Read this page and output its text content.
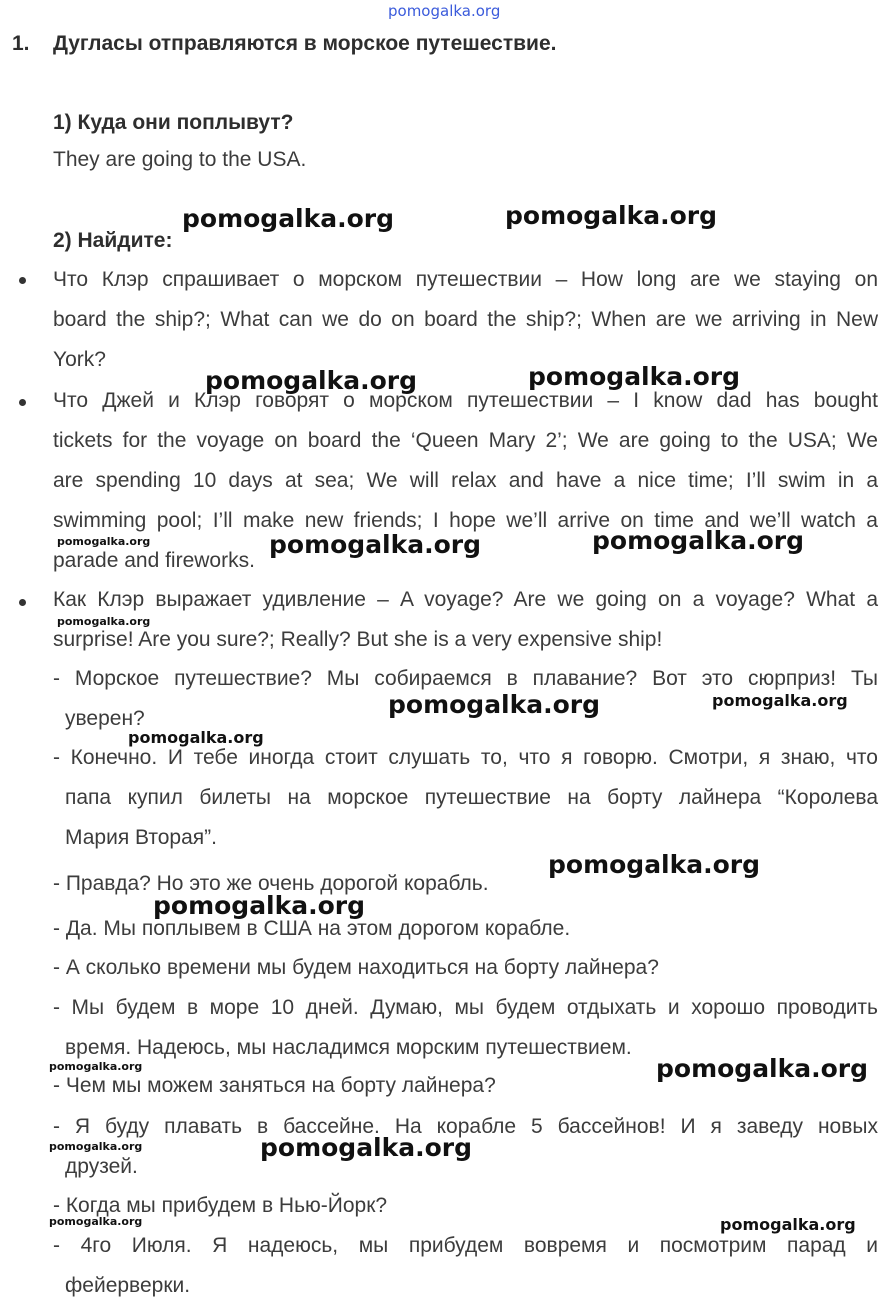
pomogalka.org
1. Дугласы отправляются в морское путешествие.
1) Куда они поплывут?
They are going to the USA.
2) Найдите:
Что Клэр спрашивает о морском путешествии – How long are we staying on
board the ship?; What can we do on board the ship?; When are we arriving in New
York?
Что Джей и Клэр говорят о морском путешествии – I know dad has bought
tickets for the voyage on board the ‘Queen Mary 2’; We are going to the USA; We
are spending 10 days at sea; We will relax and have a nice time; I’ll swim in a
swimming pool; I’ll make new friends; I hope we’ll arrive on time and we’ll watch a
parade and fireworks.
Как Клэр выражает удивление – A voyage? Are we going on a voyage? What a
surprise! Are you sure?; Really? But she is a very expensive ship!
- Морское путешествие? Мы собираемся в плавание? Вот это сюрприз! Ты
уверен?
- Конечно. И тебе иногда стоит слушать то, что я говорю. Смотри, я знаю, что
папа купил билеты на морское путешествие на борту лайнера “Королева
Мария Вторая”.
- Правда? Но это же очень дорогой корабль.
- Да. Мы поплывем в США на этом дорогом корабле.
- А сколько времени мы будем находиться на борту лайнера?
- Мы будем в море 10 дней. Думаю, мы будем отдыхать и хорошо проводить
время. Надеюсь, мы насладимся морским путешествием.
- Чем мы можем заняться на борту лайнера?
- Я буду плавать в бассейне. На корабле 5 бассейнов! И я заведу новых
друзей.
- Когда мы прибудем в Нью-Йорк?
- 4го Июля. Я надеюсь, мы прибудем вовремя и посмотрим парад и
фейерверки.
pomogalka.org	pomogalka.org
pomogalka.org	pomogalka.org
pomogalka.org	pomogalka.org
pomogalka.org
pomogalka.org
pomogalka.org
pomogalka.org
pomogalka.org
pomogalka.org
pomogalka.org
pomogalka.org
pomogalka.org
pomogalka.org
pomogalka.org
pomogalka.org	pomogalka.org
